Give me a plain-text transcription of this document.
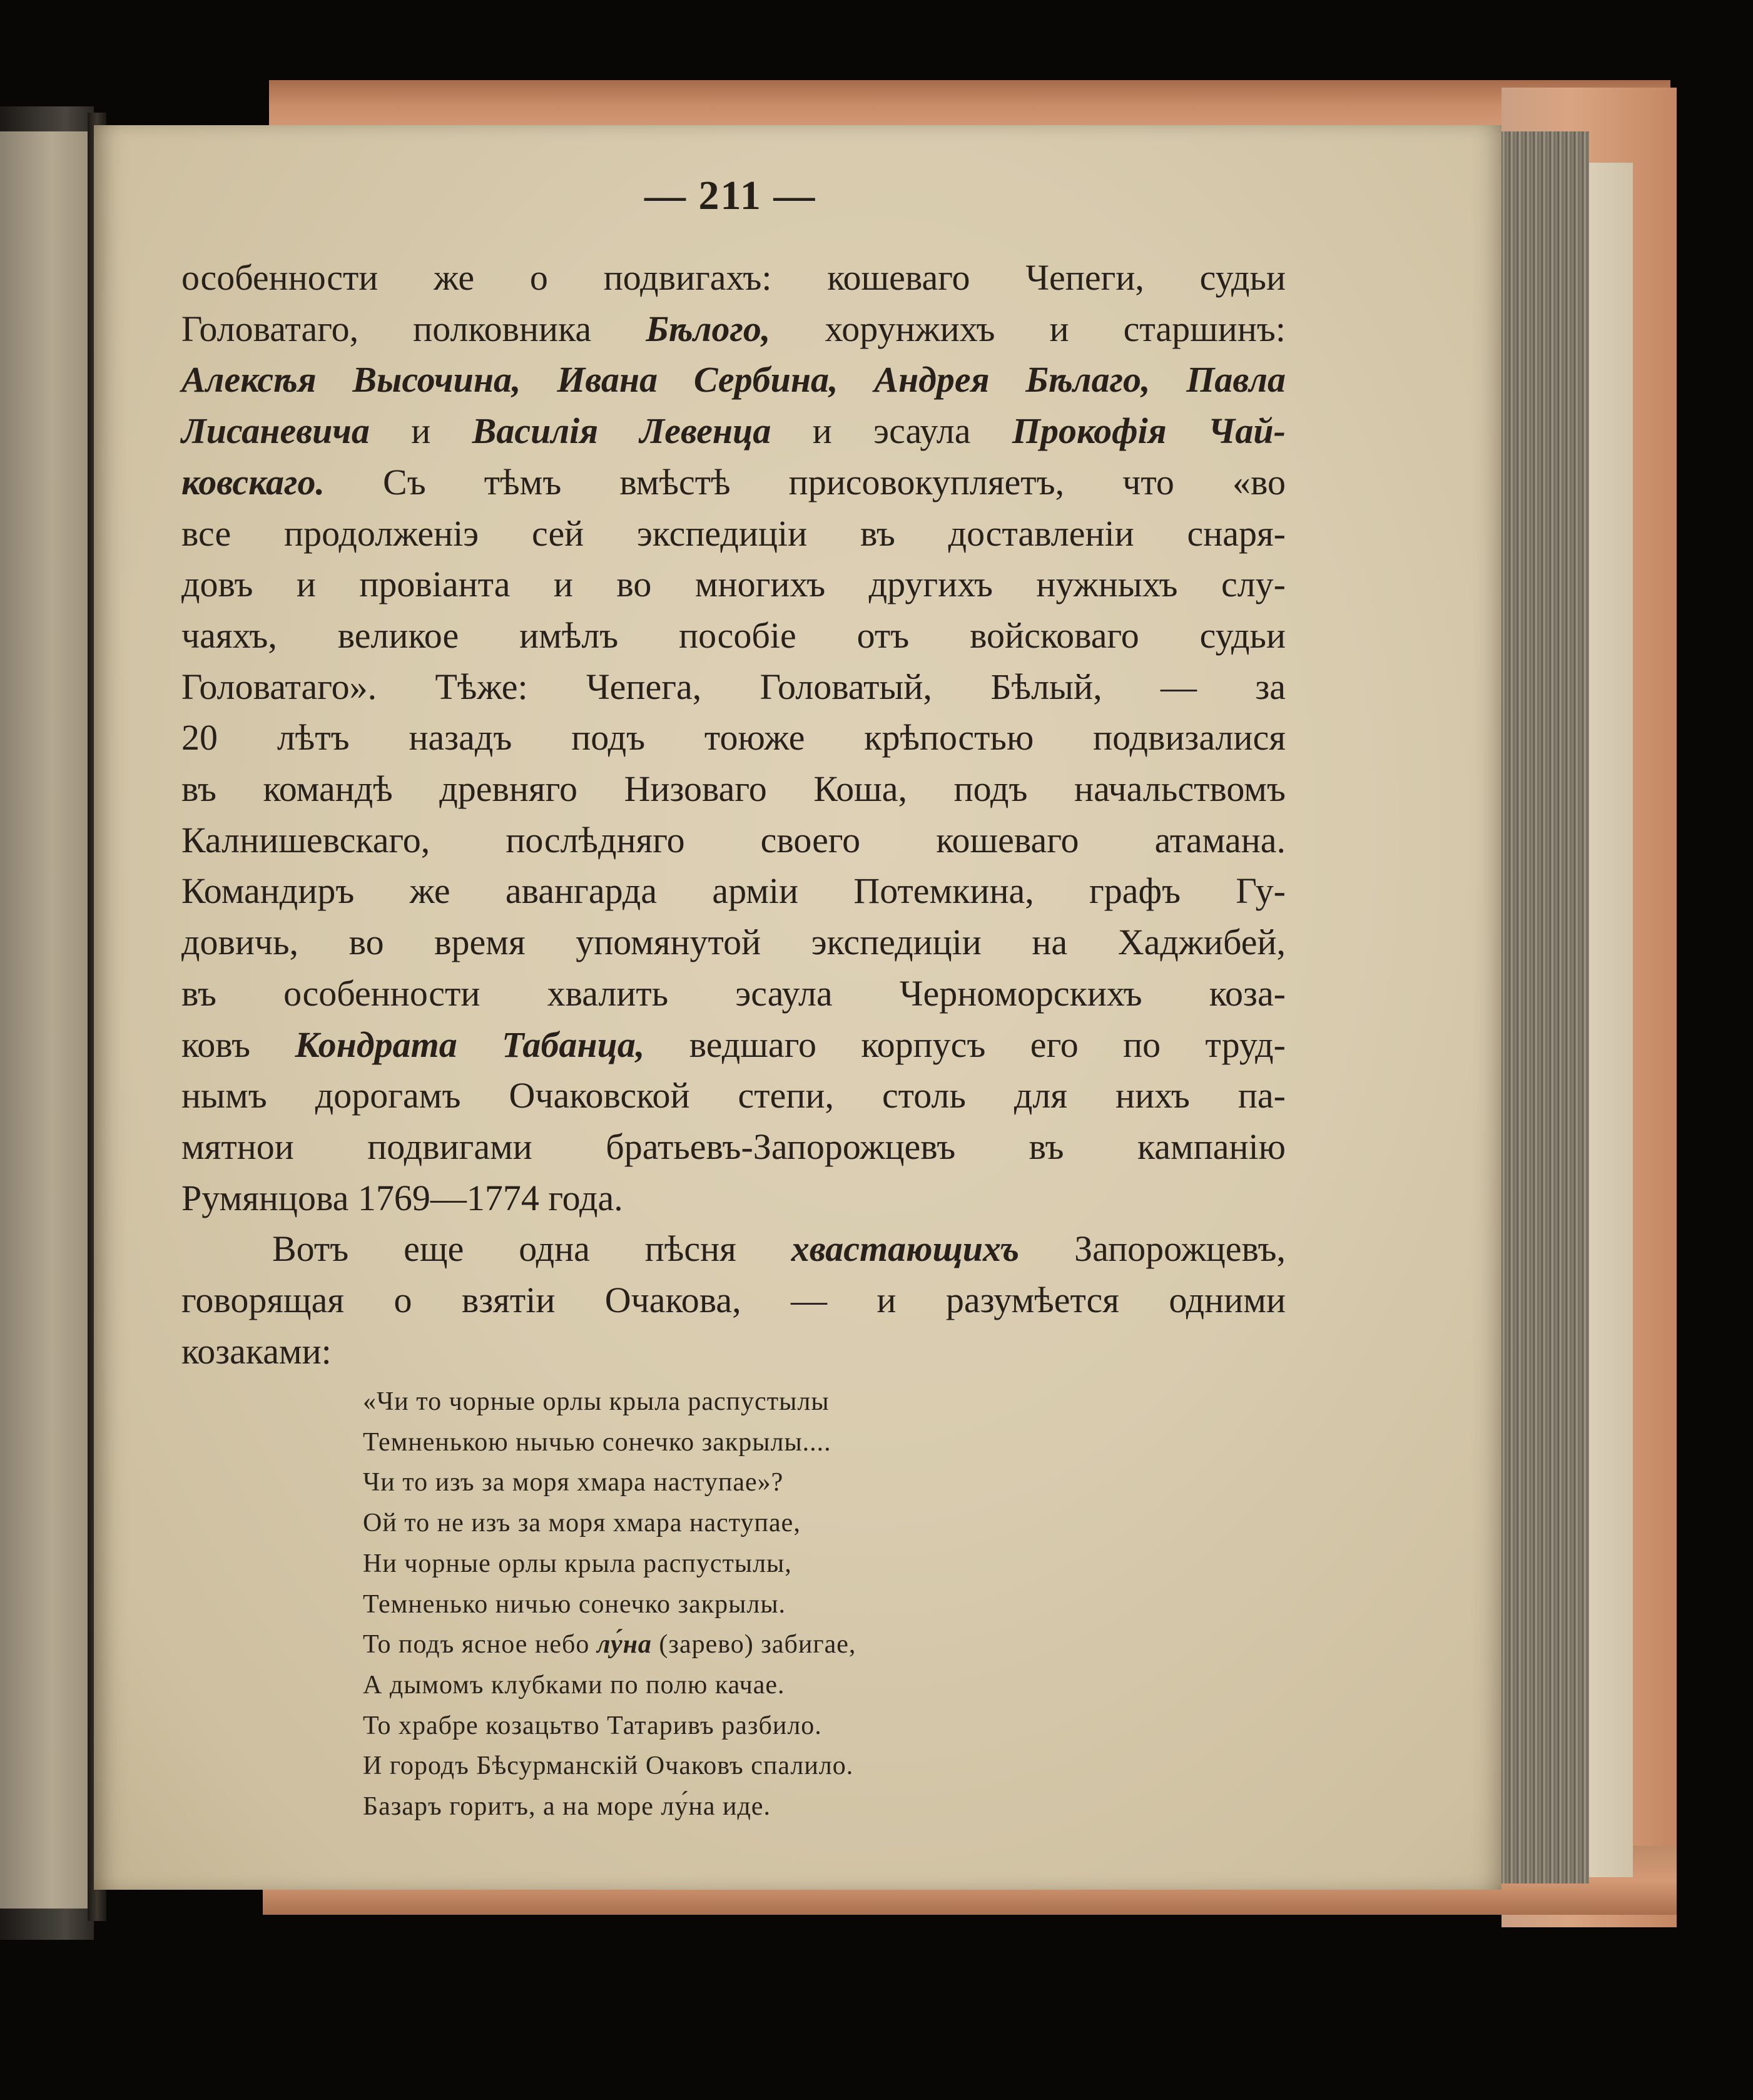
— 211 —
особенности же о подвигахъ: кошеваго Чепеги, судьи
Головатаго, полковника Бѣлого, хорунжихъ и старшинъ:
Алексѣя Высочина, Ивана Сербина, Андрея Бѣлаго, Павла
Лисаневича и Василія Левенца и эсаула Прокофія Чай-
ковскаго. Съ тѣмъ вмѣстѣ присовокупляетъ, что «во
все продолженіэ сей экспедиціи въ доставленіи снаря-
довъ и провіанта и во многихъ другихъ нужныхъ слу-
чаяхъ, великое имѣлъ пособіе отъ войсковаго судьи
Головатаго». Тѣже: Чепега, Головатый, Бѣлый, — за
20 лѣтъ назадъ подъ тоюже крѣпостью подвизалися
въ командѣ древняго Низоваго Коша, подъ начальствомъ
Калнишевскаго, послѣдняго своего кошеваго атамана.
Командиръ же авангарда арміи Потемкина, графъ Гу-
довичь, во время упомянутой экспедиціи на Хаджибей,
въ особенности хвалить эсаула Черноморскихъ коза-
ковъ Кондрата Табанца, ведшаго корпусъ его по труд-
нымъ дорогамъ Очаковской степи, столь для нихъ па-
мятнои подвигами братьевъ-Запорожцевъ въ кампанію
Румянцова 1769—1774 года.
Вотъ еще одна пѣсня хвастающихъ Запорожцевъ,
говорящая о взятіи Очакова, — и разумѣется одними
козаками:
«Чи то чорные орлы крыла распустылы
Темненькою нычью сонечко закрылы....
Чи то изъ за моря хмара наступае»?
Ой то не изъ за моря хмара наступае,
Ни чорные орлы крыла распустылы,
Темненько ничью сонечко закрылы.
То подъ ясное небо лу́на (зарево) забигае,
А дымомъ клубками по полю качае.
То храбре козацьтво Татаривъ разбило.
И городъ Бѣсурманскій Очаковъ спалило.
Базаръ горитъ, а на море лу́на иде.
